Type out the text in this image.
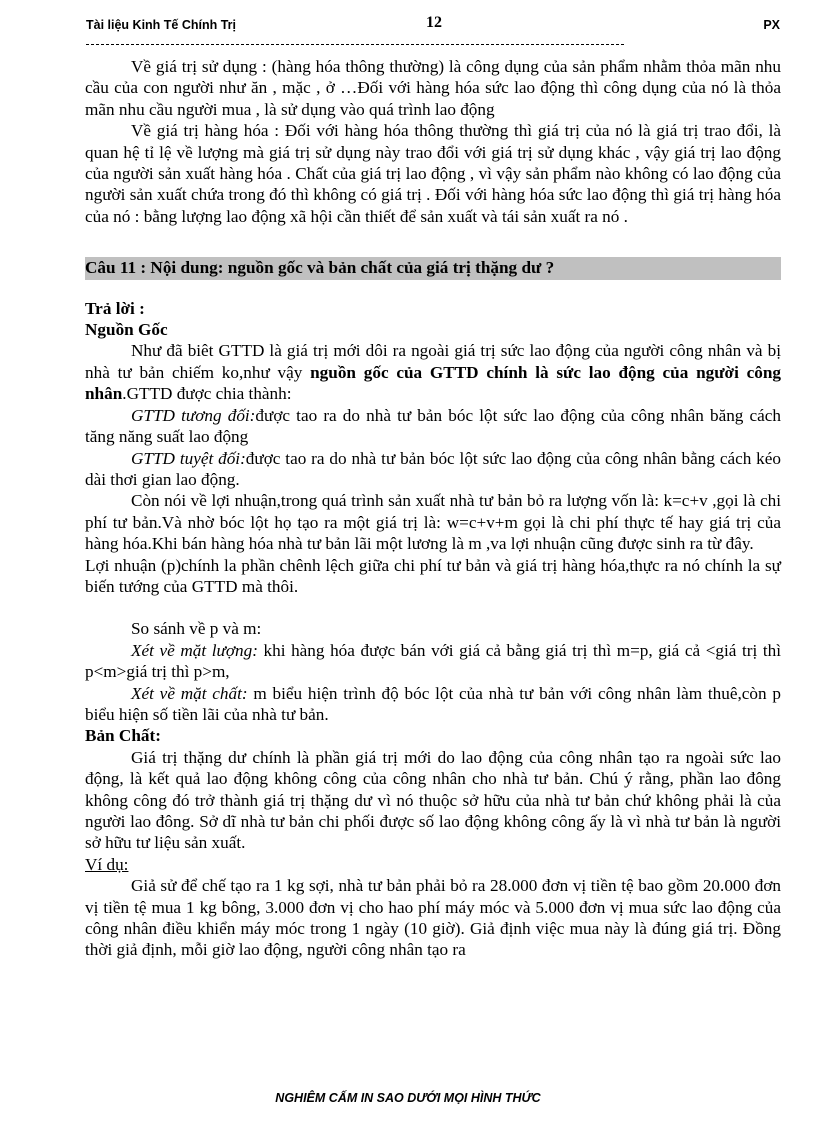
Tài liệu Kinh Tế Chính Trị	12	PX

Về giá trị sử dụng : (hàng hóa thông thường) là công dụng của sản phẩm nhằm thỏa mãn nhu cầu của con người như ăn , mặc , ở …Đối với hàng hóa sức lao động thì công dụng của nó là thỏa mãn nhu cầu người mua , là sử dụng vào quá trình lao động

Về giá trị hàng hóa : Đối với hàng hóa thông thường thì giá trị của nó là giá trị trao đổi, là quan hệ tỉ lệ về lượng mà giá trị sử dụng này trao đổi với giá trị sử dụng khác , vậy giá trị lao động của người sản xuất hàng hóa . Chất của giá trị lao động , vì vậy sản phẩm nào không có lao động của người sản xuất chứa trong đó thì không có giá trị . Đối với hàng hóa sức lao động thì giá trị hàng hóa của nó : bằng lượng lao động xã hội cần thiết để sản xuất và tái sản xuất ra nó .

Câu 11 : Nội dung: nguồn gốc và bản chất của giá trị thặng dư ?

Trả lời :

Nguồn Gốc

Như đã biêt GTTD là giá trị mới dôi ra ngoài giá trị sức lao động của người công nhân và bị nhà tư bản chiếm ko,như vậy nguồn gốc của GTTD chính là sức lao động của người công nhân.GTTD được chia thành:

GTTD tương đối:được tao ra do nhà tư bản bóc lột sức lao động của công nhân băng cách tăng năng suất lao động

GTTD tuyệt đối:được tao ra do nhà tư bản bóc lột sức lao động của công nhân bằng cách kéo dài thơi gian lao động.

Còn nói về lợi nhuận,trong quá trình sản xuất nhà tư bản bỏ ra lượng vốn là: k=c+v ,gọi là chi phí tư bản.Và nhờ bóc lột họ tạo ra một giá trị là: w=c+v+m gọi là chi phí thực tế hay giá trị của hàng hóa.Khi bán hàng hóa nhà tư bản lãi một lương là m ,va lợi nhuận cũng được sinh ra từ đây.

Lợi nhuận (p)chính la phần chênh lệch giữa chi phí tư bản và giá trị hàng hóa,thực ra nó chính la sự biến tướng của GTTD mà thôi.

So sánh về p và m:

Xét về mặt lượng: khi hàng hóa được bán với giá cả bằng giá trị thì m=p, giá cả <giá trị thì p<m>giá trị thì p>m,

Xét về mặt chất: m biểu hiện trình độ bóc lột của nhà tư bản với công nhân làm thuê,còn p biểu hiện số tiền lãi của nhà tư bản.

Bản Chất:

Giá trị thặng dư chính là phần giá trị mới do lao động của công nhân tạo ra ngoài sức lao động, là kết quả lao động không công của công nhân cho nhà tư bản. Chú ý rằng, phần lao đông không công đó trở thành giá trị thặng dư vì nó thuộc sở hữu của nhà tư bản chứ không phải là của người lao đông. Sở dĩ nhà tư bản chi phối được số lao động không công ấy là vì nhà tư bản là người sở hữu tư liệu sản xuất.

Ví dụ:

Giả sử để chế tạo ra 1 kg sợi, nhà tư bản phải bỏ ra 28.000 đơn vị tiền tệ bao gồm 20.000 đơn vị tiền tệ mua 1 kg bông, 3.000 đơn vị cho hao phí máy móc và 5.000 đơn vị mua sức lao động của công nhân điều khiển máy móc trong 1 ngày (10 giờ). Giả định việc mua này là đúng giá trị. Đồng thời giả định, mỗi giờ lao động, người công nhân tạo ra

NGHIÊM CẤM IN SAO DƯỚI MỌI HÌNH THỨC
